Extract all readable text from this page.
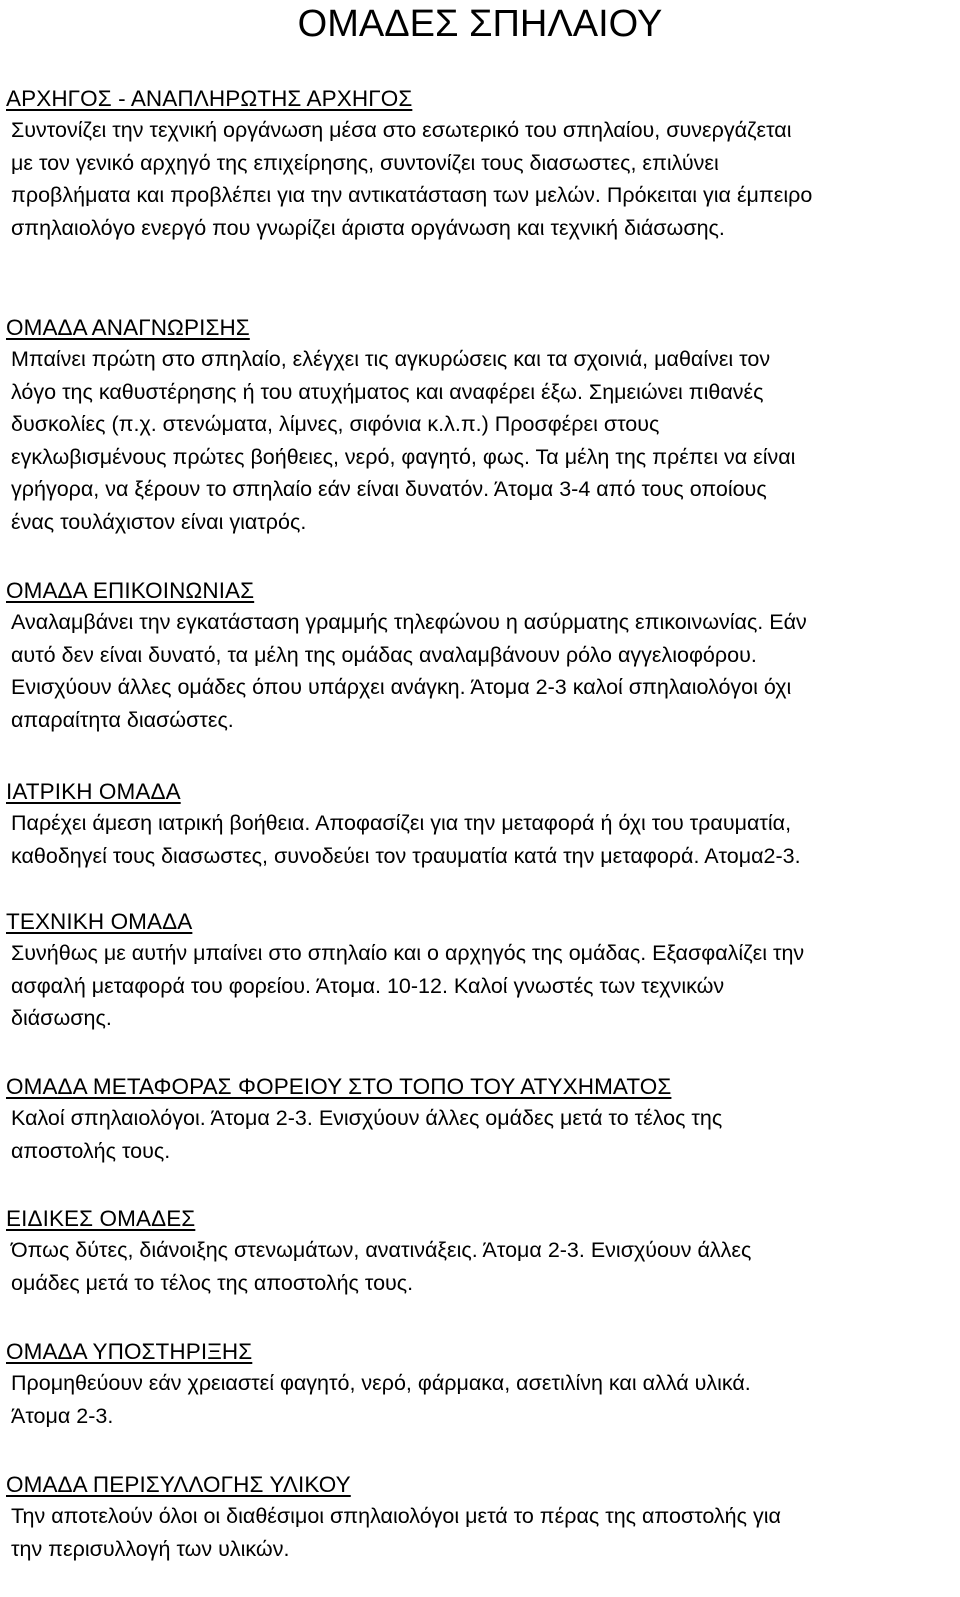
ΟΜΑΔΕΣ ΣΠΗΛΑΙΟΥ
ΑΡΧΗΓΟΣ - ΑΝΑΠΛΗΡΩΤΗΣ ΑΡΧΗΓΟΣ

Συντονίζει την τεχνική οργάνωση μέσα στο εσωτερικό του σπηλαίου, συνεργάζεται
με τον γενικό αρχηγό της επιχείρησης, συντονίζει τους διασωστες, επιλύνει
προβλήματα και προβλέπει για την αντικατάσταση των μελών. Πρόκειται για έμπειρο
σπηλαιολόγο ενεργό που γνωρίζει άριστα οργάνωση και τεχνική διάσωσης.

ΟΜΑΔΑ ΑΝΑΓΝΩΡΙΣΗΣ

Μπαίνει πρώτη στο σπηλαίο, ελέγχει τις αγκυρώσεις και τα σχοινιά, μαθαίνει τον
λόγο της καθυστέρησης ή του ατυχήματος και αναφέρει έξω. Σημειώνει πιθανές
δυσκολίες (π.χ. στενώματα, λίμνες, σιφόνια κ.λ.π.) Προσφέρει στους
εγκλωβισμένους πρώτες βοήθειες, νερό, φαγητό, φως. Τα μέλη της πρέπει να είναι
γρήγορα, να ξέρουν το σπηλαίο εάν είναι δυνατόν. Άτομα 3-4 από τους οποίους
ένας τουλάχιστον είναι γιατρός.

ΟΜΑΔΑ ΕΠΙΚΟΙΝΩΝΙΑΣ

Αναλαμβάνει την εγκατάσταση γραμμής τηλεφώνου η ασύρματης επικοινωνίας. Εάν
αυτό δεν είναι δυνατό, τα μέλη της ομάδας αναλαμβάνουν ρόλο αγγελιοφόρου.
Ενισχύουν άλλες ομάδες όπου υπάρχει ανάγκη. Άτομα 2-3 καλοί σπηλαιολόγοι όχι
απαραίτητα διασώστες.

ΙΑΤΡΙΚΗ ΟΜΑΔΑ

Παρέχει άμεση ιατρική βοήθεια. Αποφασίζει για την μεταφορά ή όχι του τραυματία,
καθοδηγεί τους διασωστες, συνοδεύει τον τραυματία κατά την μεταφορά. Ατομα2-3.

ΤΕΧΝΙΚΗ ΟΜΑΔΑ

Συνήθως με αυτήν μπαίνει στο σπηλαίο και ο αρχηγός της ομάδας. Εξασφαλίζει την
ασφαλή μεταφορά του φορείου. Άτομα. 10-12. Καλοί γνωστές των τεχνικών
διάσωσης.

ΟΜΑΔΑ ΜΕΤΑΦΟΡΑΣ ΦΟΡΕΙΟΥ ΣΤΟ ΤΟΠΟ ΤΟΥ ΑΤΥΧΗΜΑΤΟΣ

Καλοί σπηλαιολόγοι. Άτομα 2-3. Ενισχύουν άλλες ομάδες μετά το τέλος της
αποστολής τους.

ΕΙΔΙΚΕΣ ΟΜΑΔΕΣ

Όπως δύτες, διάνοιξης στενωμάτων, ανατινάξεις. Άτομα 2-3. Ενισχύουν άλλες
ομάδες μετά το τέλος της αποστολής τους.

ΟΜΑΔΑ ΥΠΟΣΤΗΡΙΞΗΣ

Προμηθεύουν εάν χρειαστεί φαγητό, νερό, φάρμακα, ασετιλίνη και αλλά υλικά.
Άτομα 2-3.

ΟΜΑΔΑ ΠΕΡΙΣΥΛΛΟΓΗΣ ΥΛΙΚΟΥ

Την αποτελούν όλοι οι διαθέσιμοι σπηλαιολόγοι μετά το πέρας της αποστολής για
την περισυλλογή των υλικών.
